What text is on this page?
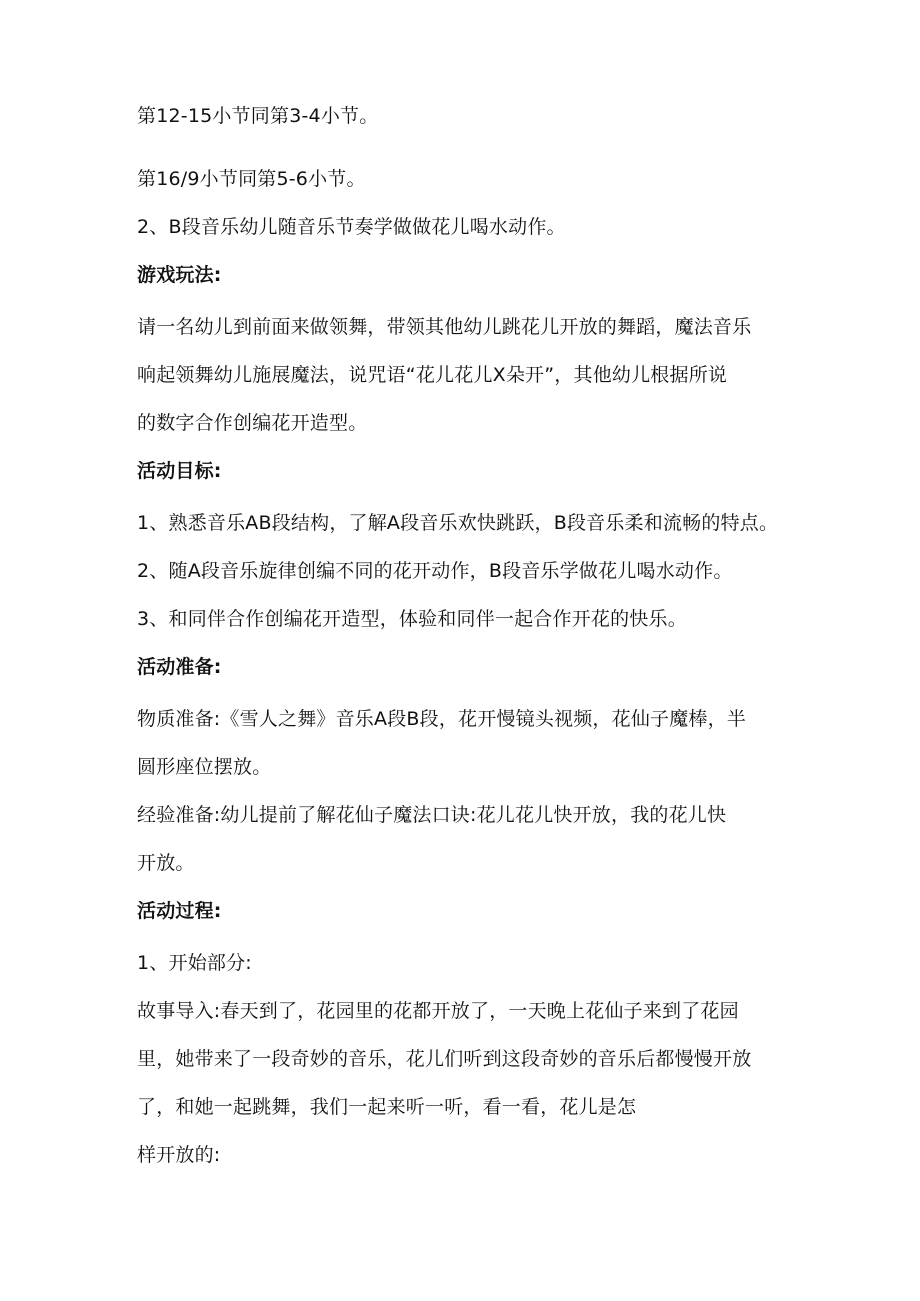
第12-15小节同第3-4小节。
第16/9小节同第5-6小节。
2、B段音乐幼儿随音乐节奏学做做花儿喝水动作。
游戏玩法:
请一名幼儿到前面来做领舞，带领其他幼儿跳花儿开放的舞蹈，魔法音乐
响起领舞幼儿施展魔法，说咒语“花儿花儿X朵开”，其他幼儿根据所说
的数字合作创编花开造型。
活动目标:
1、熟悉音乐AB段结构，了解A段音乐欢快跳跃，B段音乐柔和流畅的特点。
2、随A段音乐旋律创编不同的花开动作，B段音乐学做花儿喝水动作。
3、和同伴合作创编花开造型，体验和同伴一起合作开花的快乐。
活动准备:
物质准备:《雪人之舞》音乐A段B段，花开慢镜头视频，花仙子魔棒，半
圆形座位摆放。
经验准备:幼儿提前了解花仙子魔法口诀:花儿花儿快开放，我的花儿快
开放。
活动过程:
1、开始部分:
故事导入:春天到了，花园里的花都开放了，一天晚上花仙子来到了花园
里，她带来了一段奇妙的音乐，花儿们听到这段奇妙的音乐后都慢慢开放
了，和她一起跳舞，我们一起来听一听，看一看，花儿是怎
样开放的:
